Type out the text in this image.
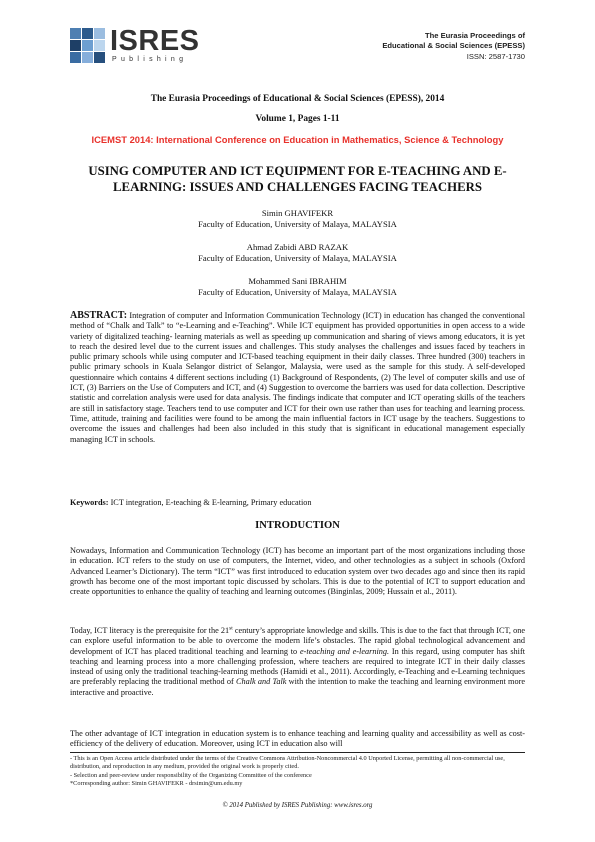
ISRES
Publishing
The Eurasia Proceedings of
Educational & Social Sciences (EPESS)
ISSN: 2587-1730
The Eurasia Proceedings of Educational & Social Sciences (EPESS), 2014
Volume 1, Pages 1-11
ICEMST 2014: International Conference on Education in Mathematics, Science & Technology
USING COMPUTER AND ICT EQUIPMENT FOR E-TEACHING AND E-LEARNING: ISSUES AND CHALLENGES FACING TEACHERS
Simin GHAVIFEKR
Faculty of Education, University of Malaya, MALAYSIA
Ahmad Zabidi ABD RAZAK
Faculty of Education, University of Malaya, MALAYSIA
Mohammed Sani IBRAHIM
Faculty of Education, University of Malaya, MALAYSIA
ABSTRACT: Integration of computer and Information Communication Technology (ICT) in education has changed the conventional method of “Chalk and Talk” to “e-Learning and e-Teaching”. While ICT equipment has provided opportunities in open access to a wide variety of digitalized teaching- learning materials as well as speeding up communication and sharing of views among educators, it is yet to reach the desired level due to the current issues and challenges. This study analyses the challenges and issues faced by teachers in public primary schools while using computer and ICT-based teaching equipment in their daily classes. Three hundred (300) teachers in public primary schools in Kuala Selangor district of Selangor, Malaysia, were used as the sample for this study. A self-developed questionnaire which contains 4 different sections including (1) Background of Respondents, (2) The level of computer skills and use of ICT, (3) Barriers on the Use of Computers and ICT, and (4) Suggestion to overcome the barriers was used for data collection. Descriptive statistic and correlation analysis were used for data analysis. The findings indicate that computer and ICT operating skills of the teachers are still in satisfactory stage. Teachers tend to use computer and ICT for their own use rather than uses for teaching and learning process. Time, attitude, training and facilities were found to be among the main influential factors in ICT usage by the teachers. Suggestions to overcome the issues and challenges had been also included in this study that is significant in educational management especially managing ICT in schools.
Keywords: ICT integration, E-teaching & E-learning, Primary education
INTRODUCTION
Nowadays, Information and Communication Technology (ICT) has become an important part of the most organizations including those in education. ICT refers to the study on use of computers, the Internet, video, and other technologies as a subject in schools (Oxford Advanced Learner’s Dictionary). The term “ICT” was first introduced to education system over two decades ago and since then its rapid growth has become one of the most important topic discussed by scholars. This is due to the potential of ICT to support education and create opportunities to enhance the quality of teaching and learning outcomes (Binginlas, 2009; Hussain et al., 2011).
Today, ICT literacy is the prerequisite for the 21st century’s appropriate knowledge and skills. This is due to the fact that through ICT, one can explore useful information to be able to overcome the modern life’s obstacles. The rapid global technological advancement and development of ICT has placed traditional teaching and learning to e-teaching and e-learning. In this regard, using computer has shift teaching and learning process into a more challenging profession, where teachers are required to integrate ICT in their daily classes instead of using only the traditional teaching-learning methods (Hamidi et al., 2011). Accordingly, e-Teaching and e-Learning techniques are preferably replacing the traditional method of Chalk and Talk with the intention to make the teaching and learning environment more interactive and proactive.
The other advantage of ICT integration in education system is to enhance teaching and learning quality and accessibility as well as cost-efficiency of the delivery of education. Moreover, using ICT in education also will
- This is an Open Access article distributed under the terms of the Creative Commons Attribution-Noncommercial 4.0 Unported License, permitting all non-commercial use, distribution, and reproduction in any medium, provided the original work is properly cited.
- Selection and peer-review under responsibility of the Organizing Committee of the conference
*Corresponding author: Simin GHAVIFEKR - drsimin@um.edu.my
© 2014 Published by ISRES Publishing: www.isres.org
